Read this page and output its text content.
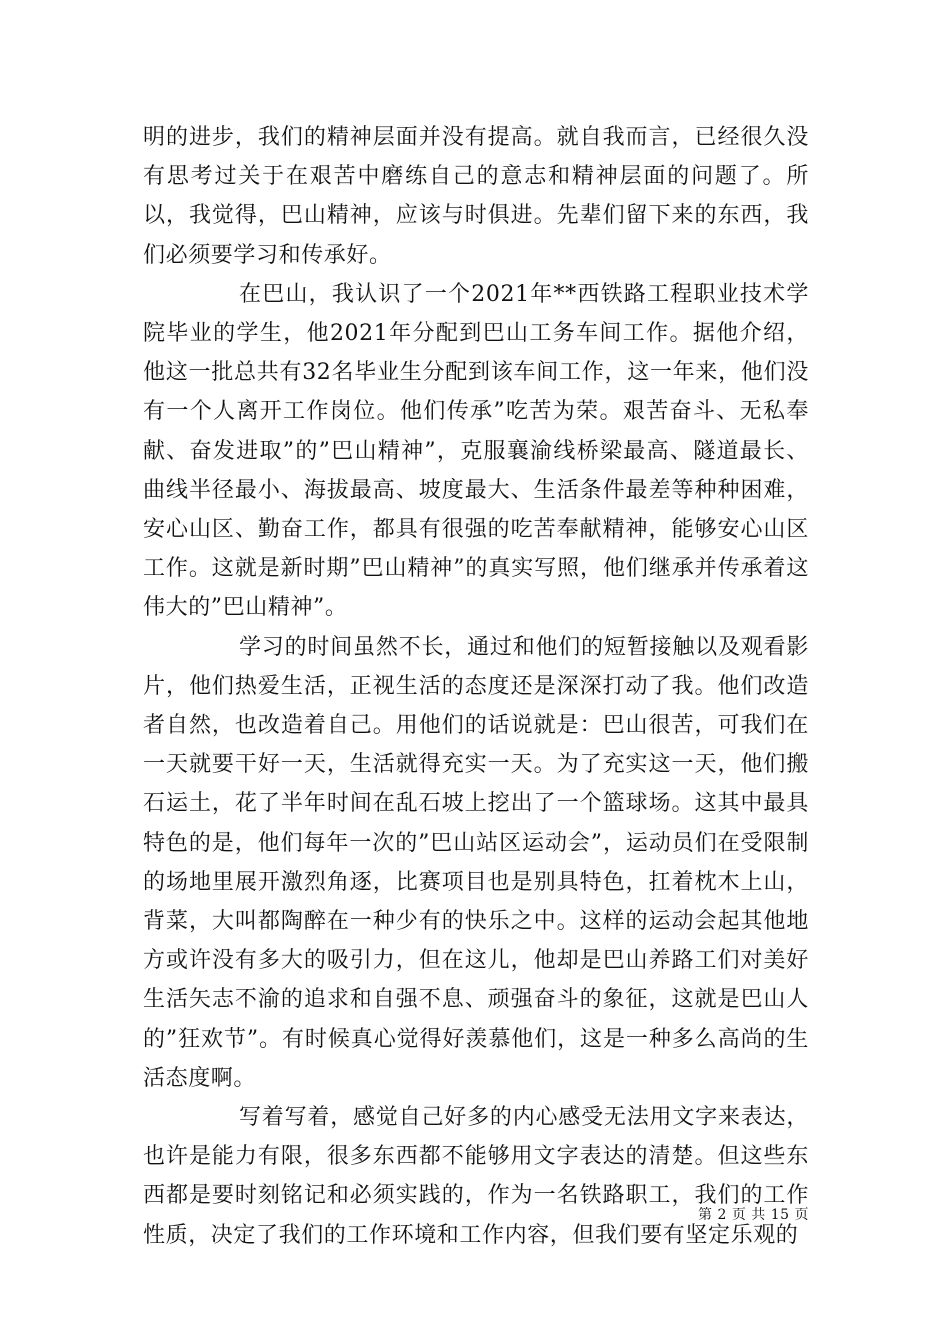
明的进步，我们的精神层面并没有提高。就自我而言，已经很久没有思考过关于在艰苦中磨练自己的意志和精神层面的问题了。所以，我觉得，巴山精神，应该与时俱进。先辈们留下来的东西，我们必须要学习和传承好。

在巴山，我认识了一个2021年**西铁路工程职业技术学院毕业的学生，他2021年分配到巴山工务车间工作。据他介绍，他这一批总共有32名毕业生分配到该车间工作，这一年来，他们没有一个人离开工作岗位。他们传承”吃苦为荣。艰苦奋斗、无私奉献、奋发进取”的”巴山精神”，克服襄渝线桥梁最高、隧道最长、曲线半径最小、海拔最高、坡度最大、生活条件最差等种种困难，安心山区、勤奋工作，都具有很强的吃苦奉献精神，能够安心山区工作。这就是新时期”巴山精神”的真实写照，他们继承并传承着这伟大的”巴山精神”。

学习的时间虽然不长，通过和他们的短暂接触以及观看影片，他们热爱生活，正视生活的态度还是深深打动了我。他们改造者自然，也改造着自己。用他们的话说就是：巴山很苦，可我们在一天就要干好一天，生活就得充实一天。为了充实这一天，他们搬石运土，花了半年时间在乱石坡上挖出了一个篮球场。这其中最具特色的是，他们每年一次的”巴山站区运动会”，运动员们在受限制的场地里展开激烈角逐，比赛项目也是别具特色，扛着枕木上山，背菜，大叫都陶醉在一种少有的快乐之中。这样的运动会起其他地方或许没有多大的吸引力，但在这儿，他却是巴山养路工们对美好生活矢志不渝的追求和自强不息、顽强奋斗的象征，这就是巴山人的”狂欢节”。有时候真心觉得好羡慕他们，这是一种多么高尚的生活态度啊。

写着写着，感觉自己好多的内心感受无法用文字来表达，也许是能力有限，很多东西都不能够用文字表达的清楚。但这些东西都是要时刻铭记和必须实践的，作为一名铁路职工，我们的工作性质，决定了我们的工作环境和工作内容，但我们要有坚定乐观的

第 2 页 共 15 页
